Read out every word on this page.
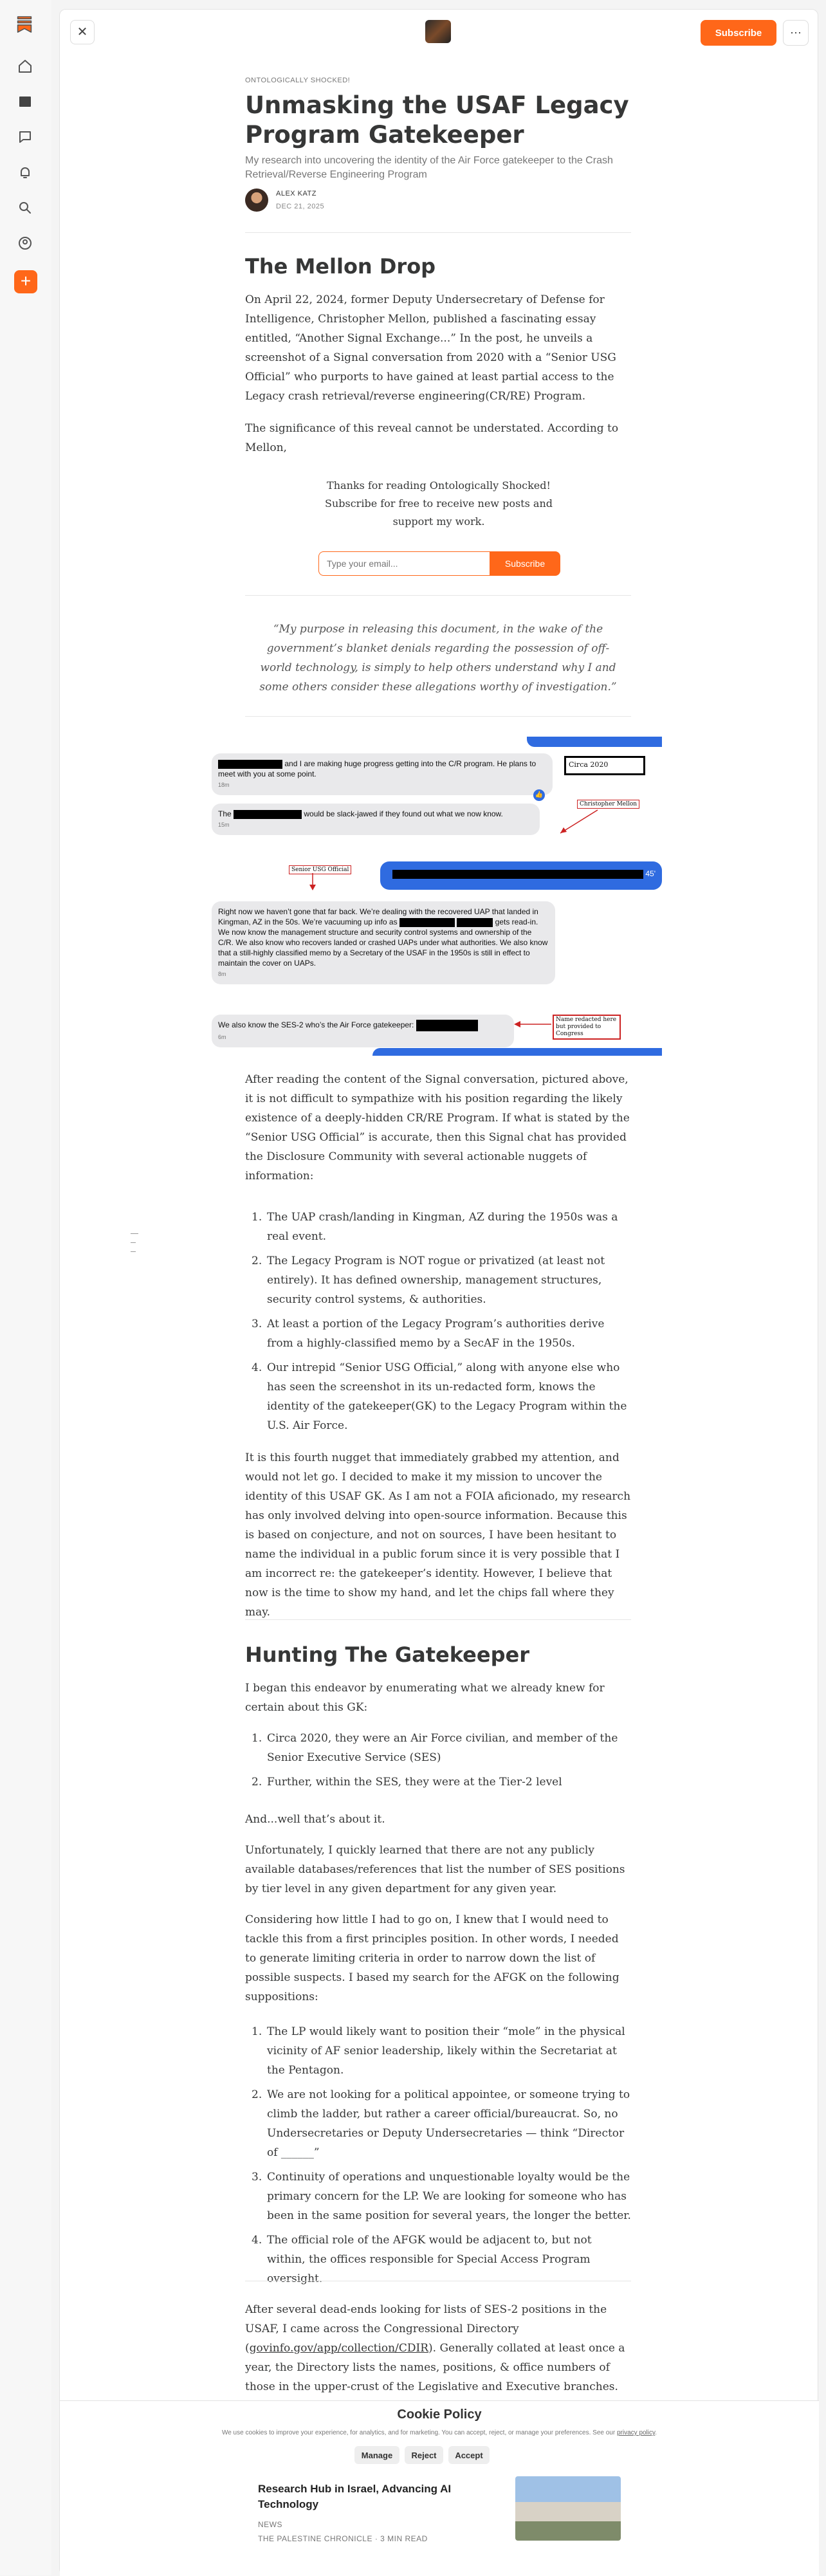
+
✕	Subscribe	⋯
ONTOLOGICALLY SHOCKED!
Unmasking the USAF Legacy Program Gatekeeper
My research into uncovering the identity of the Air Force gatekeeper to the Crash Retrieval/Reverse Engineering Program
ALEX KATZ
DEC 21, 2025
The Mellon Drop
On April 22, 2024, former Deputy Undersecretary of Defense for Intelligence, Christopher Mellon, published a fascinating essay entitled, “Another Signal Exchange...” In the post, he unveils a screenshot of a Signal conversation from 2020 with a “Senior USG Official” who purports to have gained at least partial access to the Legacy crash retrieval/reverse engineering(CR/RE) Program.
The significance of this reveal cannot be understated. According to Mellon,
Thanks for reading Ontologically Shocked! Subscribe for free to receive new posts and support my work.
Type your email...
Subscribe
“My purpose in releasing this document, in the wake of the government’s blanket denials regarding the possession of off-world technology, is simply to help others understand why I and some others consider these allegations worthy of investigation.”
and I are making huge progress getting into the C/R program. He plans to meet with you at some point.
18m
Circa 2020
👍
The	would be slack-jawed if they found out what we now know.
15m
Christopher Mellon
Senior USG Official	45'
Right now we haven’t gone that far back. We’re dealing with the recovered UAP that landed in Kingman, AZ in the 50s. We’re vacuuming up info as	gets read-in. We now know the management structure and security control systems and ownership of the C/R. We also know who recovers landed or crashed UAPs under what authorities. We also know that a still-highly classified memo by a Secretary of the USAF in the 1950s is still in effect to maintain the cover on UAPs.
8m
We also know the SES-2 who’s the Air Force gatekeeper:
6m
Name redacted here but provided to Congress
After reading the content of the Signal conversation, pictured above, it is not difficult to sympathize with his position regarding the likely existence of a deeply-hidden CR/RE Program. If what is stated by the “Senior USG Official” is accurate, then this Signal chat has provided the Disclosure Community with several actionable nuggets of information:
1. The UAP crash/landing in Kingman, AZ during the 1950s was a real event.
2. The Legacy Program is NOT rogue or privatized (at least not entirely). It has defined ownership, management structures, security control systems, & authorities.
3. At least a portion of the Legacy Program’s authorities derive from a highly-classified memo by a SecAF in the 1950s.
4. Our intrepid “Senior USG Official,” along with anyone else who has seen the screenshot in its un-redacted form, knows the identity of the gatekeeper(GK) to the Legacy Program within the U.S. Air Force.
It is this fourth nugget that immediately grabbed my attention, and would not let go. I decided to make it my mission to uncover the identity of this USAF GK. As I am not a FOIA aficionado, my research has only involved delving into open-source information. Because this is based on conjecture, and not on sources, I have been hesitant to name the individual in a public forum since it is very possible that I am incorrect re: the gatekeeper’s identity. However, I believe that now is the time to show my hand, and let the chips fall where they may.
Hunting The Gatekeeper
I began this endeavor by enumerating what we already knew for certain about this GK:
1. Circa 2020, they were an Air Force civilian, and member of the Senior Executive Service (SES)
2. Further, within the SES, they were at the Tier-2 level
And...well that’s about it.
Unfortunately, I quickly learned that there are not any publicly available databases/references that list the number of SES positions by tier level in any given department for any given year.
Considering how little I had to go on, I knew that I would need to tackle this from a first principles position. In other words, I needed to generate limiting criteria in order to narrow down the list of possible suspects. I based my search for the AFGK on the following suppositions:
1. The LP would likely want to position their “mole” in the physical vicinity of AF senior leadership, likely within the Secretariat at the Pentagon.
2. We are not looking for a political appointee, or someone trying to climb the ladder, but rather a career official/bureaucrat. So, no Undersecretaries or Deputy Undersecretaries — think “Director of ______”
3. Continuity of operations and unquestionable loyalty would be the primary concern for the LP. We are looking for someone who has been in the same position for several years, the longer the better.
4. The official role of the AFGK would be adjacent to, but not within, the offices responsible for Special Access Program oversight.
After several dead-ends looking for lists of SES-2 positions in the USAF, I came across the Congressional Directory (govinfo.gov/app/collection/CDIR). Generally collated at least once a year, the Directory lists the names, positions, & office numbers of those in the upper-crust of the Legislative and Executive branches.
Cookie Policy
We use cookies to improve your experience, for analytics, and for marketing. You can accept, reject, or manage your preferences. See our privacy policy.
Manage	Reject	Accept
Research Hub in Israel, Advancing AI Technology
NEWS
THE PALESTINE CHRONICLE · 3 MIN READ
